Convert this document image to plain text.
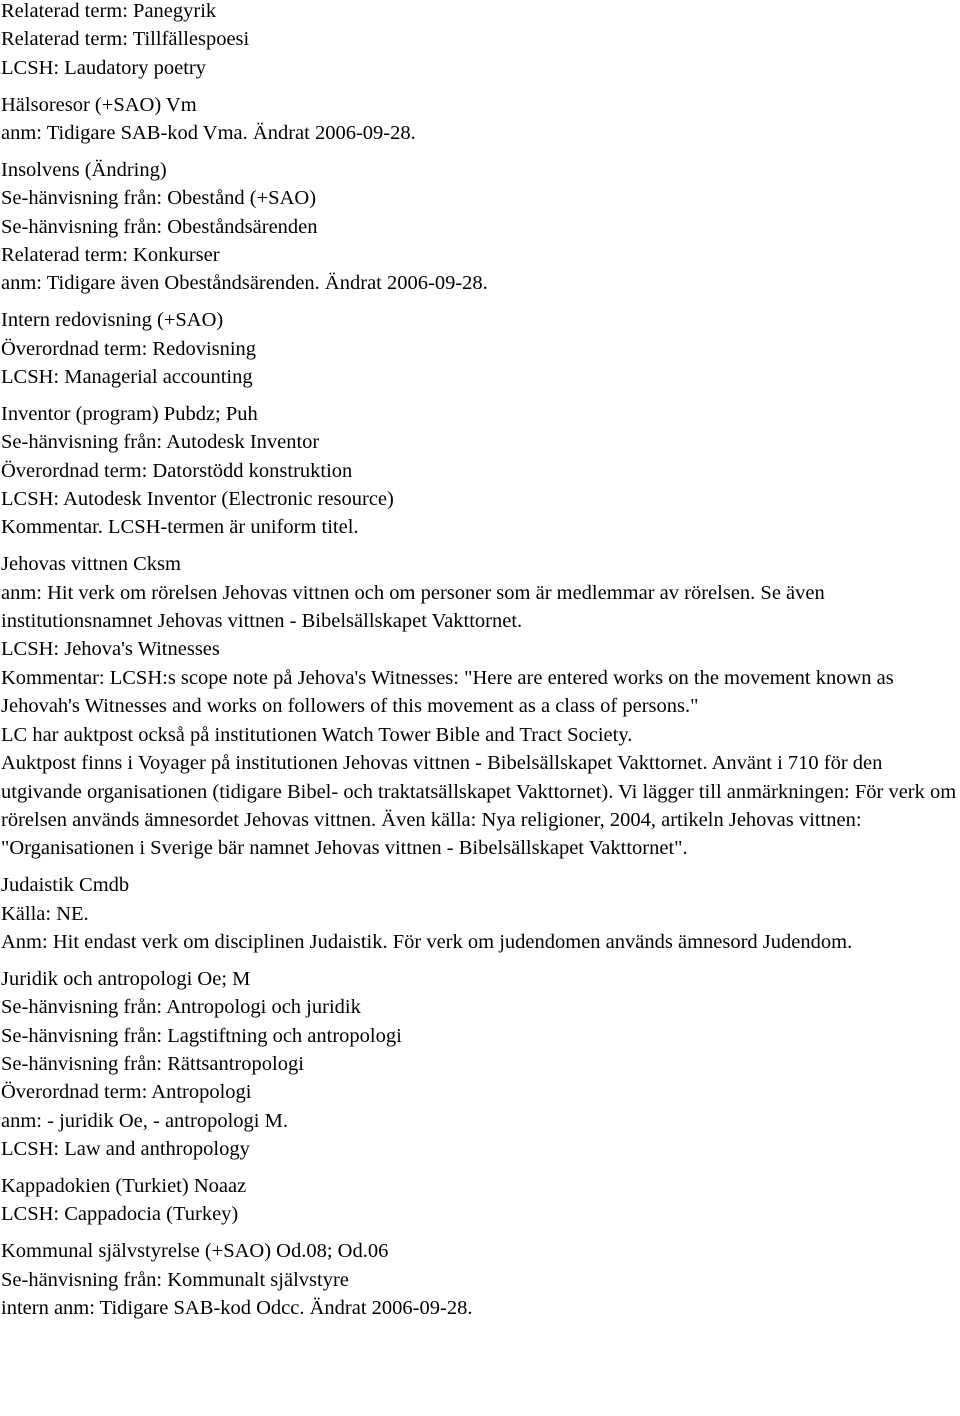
Relaterad term: Panegyrik
Relaterad term: Tillfällespoesi
LCSH: Laudatory poetry
Hälsoresor (+SAO) Vm
anm: Tidigare SAB-kod Vma. Ändrat 2006-09-28.
Insolvens (Ändring)
Se-hänvisning från: Obestånd (+SAO)
Se-hänvisning från: Obeståndsärenden
Relaterad term: Konkurser
anm: Tidigare även Obeståndsärenden. Ändrat 2006-09-28.
Intern redovisning (+SAO)
Överordnad term: Redovisning
LCSH: Managerial accounting
Inventor (program) Pubdz; Puh
Se-hänvisning från: Autodesk Inventor
Överordnad term: Datorstödd konstruktion
LCSH: Autodesk Inventor (Electronic resource)
Kommentar. LCSH-termen är uniform titel.
Jehovas vittnen Cksm
anm: Hit verk om rörelsen Jehovas vittnen och om personer som är medlemmar av rörelsen. Se även institutionsnamnet Jehovas vittnen - Bibelsällskapet Vakttornet.
LCSH: Jehova's Witnesses
Kommentar: LCSH:s scope note på Jehova's Witnesses: "Here are entered works on the movement known as Jehovah's Witnesses and works on followers of this movement as a class of persons."
LC har auktpost också på institutionen Watch Tower Bible and Tract Society.
Auktpost finns i Voyager på institutionen Jehovas vittnen - Bibelsällskapet Vakttornet. Använt i 710 för den utgivande organisationen (tidigare Bibel- och traktatsällskapet Vakttornet). Vi lägger till anmärkningen: För verk om rörelsen används ämnesordet Jehovas vittnen. Även källa: Nya religioner, 2004, artikeln Jehovas vittnen: "Organisationen i Sverige bär namnet Jehovas vittnen - Bibelsällskapet Vakttornet".
Judaistik Cmdb
Källa: NE.
Anm: Hit endast verk om disciplinen Judaistik. För verk om judendomen används ämnesord Judendom.
Juridik och antropologi Oe; M
Se-hänvisning från: Antropologi och juridik
Se-hänvisning från: Lagstiftning och antropologi
Se-hänvisning från: Rättsantropologi
Överordnad term: Antropologi
anm: - juridik Oe, - antropologi M.
LCSH: Law and anthropology
Kappadokien (Turkiet) Noaaz
LCSH: Cappadocia (Turkey)
Kommunal självstyrelse (+SAO) Od.08; Od.06
Se-hänvisning från: Kommunalt självstyre
intern anm: Tidigare SAB-kod Odcc. Ändrat 2006-09-28.
